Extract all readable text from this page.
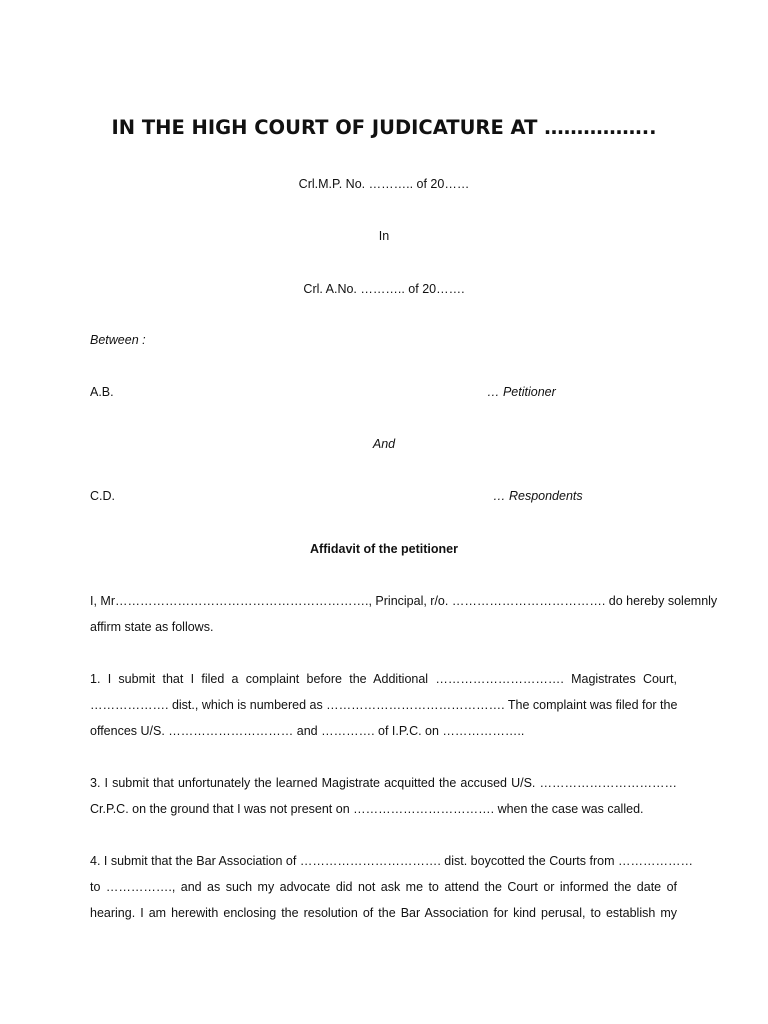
IN THE HIGH COURT OF JUDICATURE AT ……………..
Crl.M.P. No. ……….. of 20……
In
Crl. A.No. ……….. of 20…….
Between :
A.B.	… Petitioner
And
C.D.	… Respondents
Affidavit of the petitioner
I, Mr……………………………………………………., Principal, r/o. ………………………………. do hereby solemnly
affirm state as follows.
1. I submit that I filed a complaint before the Additional …………………………. Magistrates Court,
………………. dist., which is numbered as ……………………………………. The complaint was filed for the
offences U/S. ………………………… and …………. of I.P.C. on ………………..
3. I submit that unfortunately the learned Magistrate acquitted the accused U/S. ……………………………
Cr.P.C. on the ground that I was not present on ……………………………. when the case was called.
4. I submit that the Bar Association of ……………………………. dist. boycotted the Courts from ………………
to ……………., and as such my advocate did not ask me to attend the Court or informed the date of
hearing. I am herewith enclosing the resolution of the Bar Association for kind perusal, to establish my
